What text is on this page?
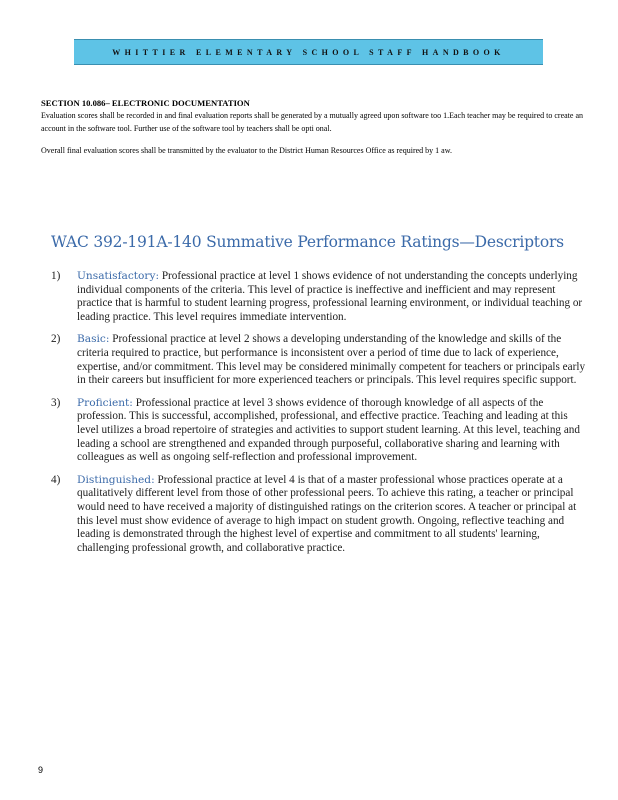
WHITTIER ELEMENTARY SCHOOL STAFF HANDBOOK
SECTION 10.086– ELECTRONIC DOCUMENTATION

Evaluation scores shall be recorded in and final evaluation reports shall be generated by a mutually agreed upon software too 1.Each teacher may be required to create an account in the software tool. Further use of the software tool by teachers shall be opti onal.

Overall final evaluation scores shall be transmitted by the evaluator to the District Human Resources Office as required by 1 aw.

WAC 392-191A-140 Summative Performance Ratings—Descriptors
1) Unsatisfactory: Professional practice at level 1 shows evidence of not understanding the concepts underlying individual components of the criteria. This level of practice is ineffective and inefficient and may represent practice that is harmful to student learning progress, professional learning environment, or individual teaching or leading practice. This level requires immediate intervention.
2) Basic: Professional practice at level 2 shows a developing understanding of the knowledge and skills of the criteria required to practice, but performance is inconsistent over a period of time due to lack of experience, expertise, and/or commitment. This level may be considered minimally competent for teachers or principals early in their careers but insufficient for more experienced teachers or principals. This level requires specific support.
3) Proficient: Professional practice at level 3 shows evidence of thorough knowledge of all aspects of the profession. This is successful, accomplished, professional, and effective practice. Teaching and leading at this level utilizes a broad repertoire of strategies and activities to support student learning. At this level, teaching and leading a school are strengthened and expanded through purposeful, collaborative sharing and learning with colleagues as well as ongoing self-reflection and professional improvement.
4) Distinguished: Professional practice at level 4 is that of a master professional whose practices operate at a qualitatively different level from those of other professional peers. To achieve this rating, a teacher or principal would need to have received a majority of distinguished ratings on the criterion scores. A teacher or principal at this level must show evidence of average to high impact on student growth. Ongoing, reflective teaching and leading is demonstrated through the highest level of expertise and commitment to all students' learning, challenging professional growth, and collaborative practice.
9
